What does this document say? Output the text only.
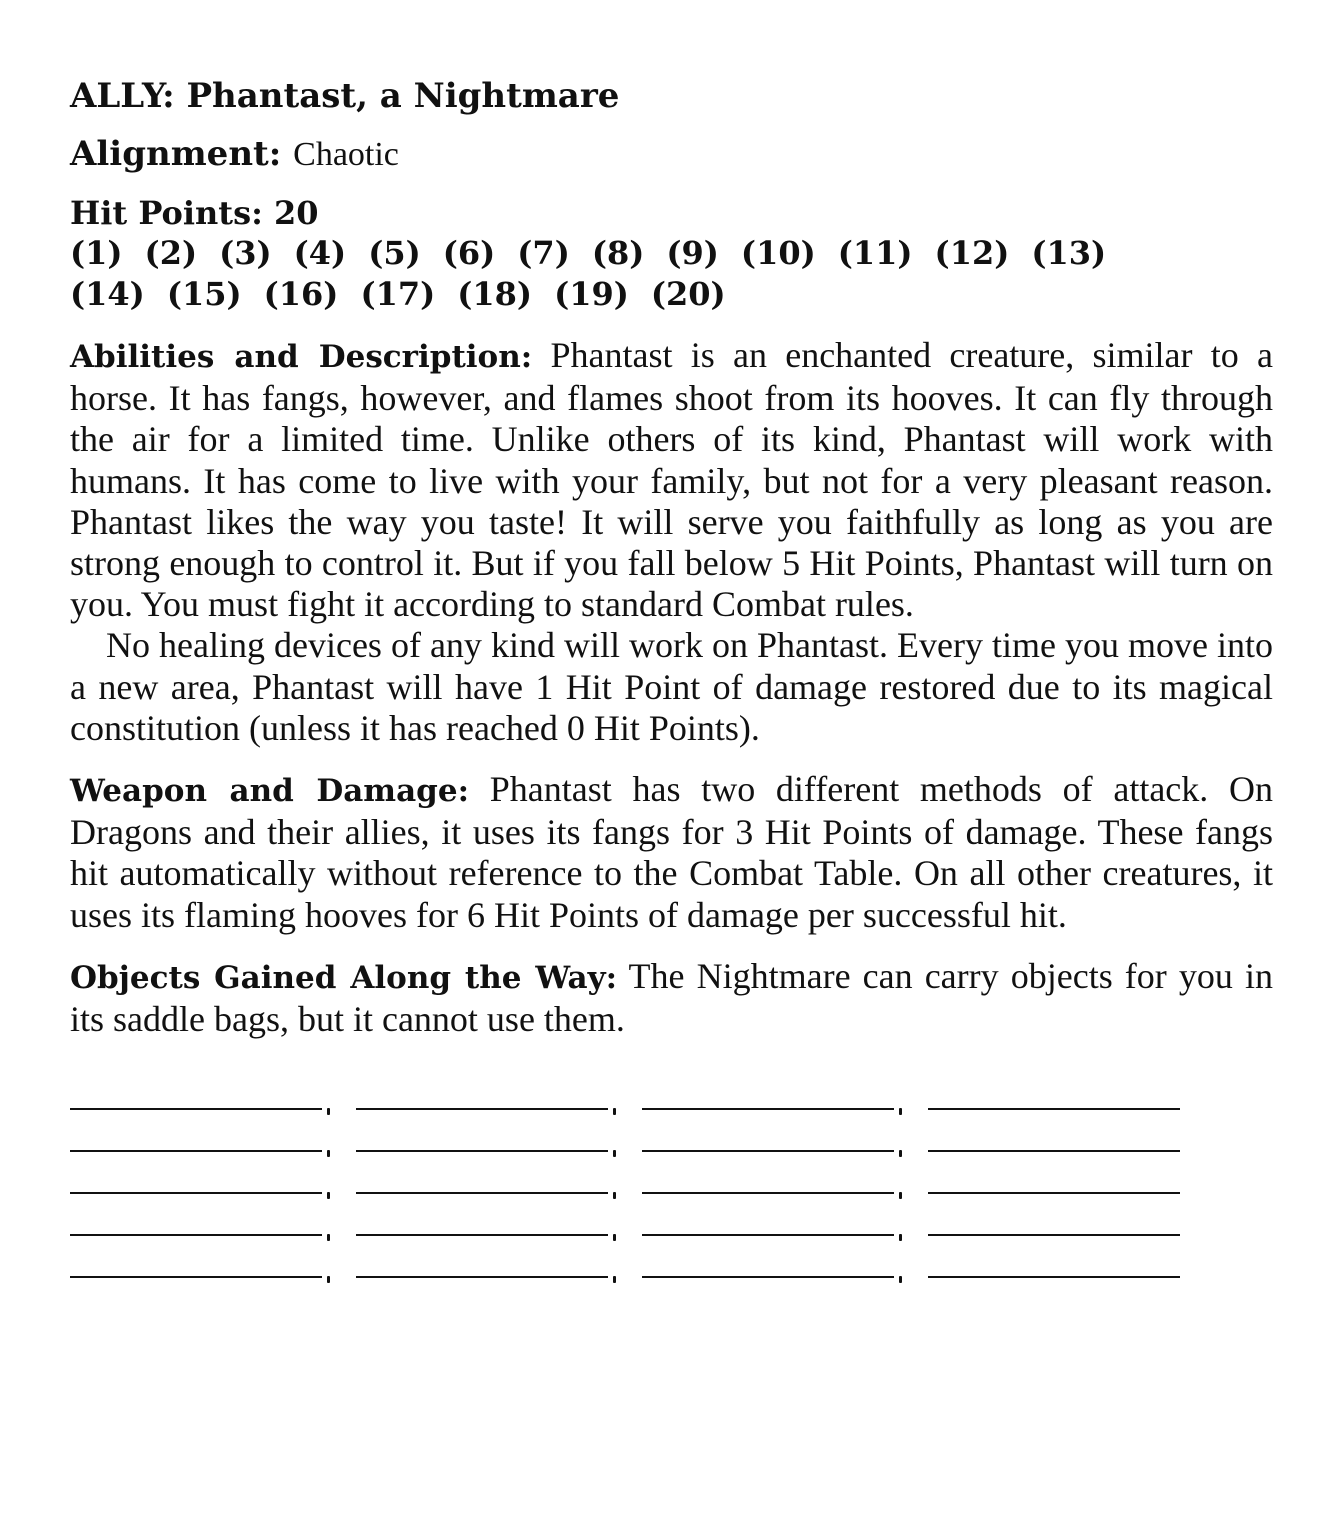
ALLY: Phantast, a Nightmare
Alignment: Chaotic
Hit Points: 20
(1) (2) (3) (4) (5) (6) (7) (8) (9) (10) (11) (12) (13)
(14) (15) (16) (17) (18) (19) (20)

Abilities and Description: Phantast is an enchanted creature, similar to a horse. It has fangs, however, and flames shoot from its hooves. It can fly through the air for a limited time. Unlike others of its kind, Phantast will work with humans. It has come to live with your family, but not for a very pleasant reason. Phantast likes the way you taste! It will serve you faithfully as long as you are strong enough to control it. But if you fall below 5 Hit Points, Phantast will turn on you. You must fight it according to standard Combat rules.

No healing devices of any kind will work on Phantast. Every time you move into a new area, Phantast will have 1 Hit Point of damage restored due to its magical constitution (unless it has reached 0 Hit Points).

Weapon and Damage: Phantast has two different methods of attack. On Dragons and their allies, it uses its fangs for 3 Hit Points of damage. These fangs hit automatically without reference to the Combat Table. On all other creatures, it uses its flaming hooves for 6 Hit Points of damage per successful hit.

Objects Gained Along the Way: The Nightmare can carry objects for you in its saddle bags, but it cannot use them.
